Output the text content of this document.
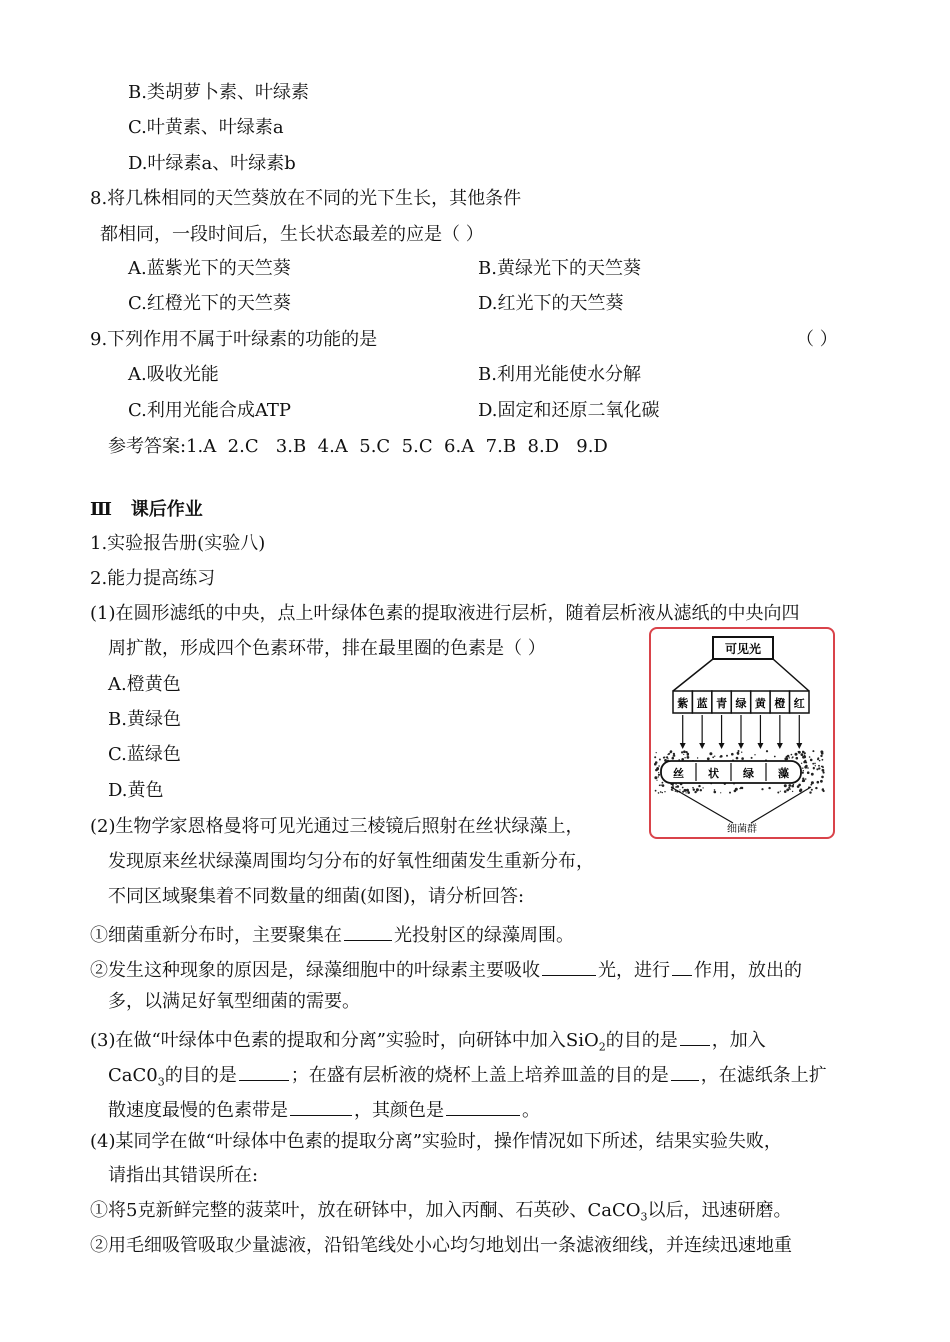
B.类胡萝卜素、叶绿素
C.叶黄素、叶绿素a
D.叶绿素a、叶绿素b
8.将几株相同的天竺葵放在不同的光下生长，其他条件
都相同，一段时间后，生长状态最差的应是（ ）
A.蓝紫光下的天竺葵	B.黄绿光下的天竺葵
C.红橙光下的天竺葵	D.红光下的天竺葵
9.下列作用不属于叶绿素的功能的是	（ ）
A.吸收光能	B.利用光能使水分解
C.利用光能合成ATP	D.固定和还原二氧化碳
参考答案:1.A  2.C   3.B  4.A  5.C  5.C  6.A  7.B  8.D   9.D
Ⅲ   课后作业
1.实验报告册(实验八)
2.能力提高练习
(1)在圆形滤纸的中央，点上叶绿体色素的提取液进行层析，随着层析液从滤纸的中央向四
周扩散，形成四个色素环带，排在最里圈的色素是（ ）
A.橙黄色
B.黄绿色
C.蓝绿色
D.黄色
可见光
紫 蓝 青 绿 黄 橙 红
丝 状 绿 藻
细菌群
(2)生物学家恩格曼将可见光通过三棱镜后照射在丝状绿藻上，
发现原来丝状绿藻周围均匀分布的好氧性细菌发生重新分布，
不同区域聚集着不同数量的细菌(如图)，请分析回答:
①细菌重新分布时，主要聚集在	光投射区的绿藻周围。
②发生这种现象的原因是，绿藻细胞中的叶绿素主要吸收	光，进行 作用，放出的
多，以满足好氧型细菌的需要。
(3)在做“叶绿体中色素的提取和分离”实验时，向研钵中加入SiO$_2$的目的是 ，加入
$CaC0_3$的目的是	；在盛有层析液的烧杯上盖上培养皿盖的目的是 ，在滤纸条上扩
散速度最慢的色素带是	，其颜色是	。
(4)某同学在做“叶绿体中色素的提取分离”实验时，操作情况如下所述，结果实验失败，
请指出其错误所在:
①将5克新鲜完整的菠菜叶，放在研钵中，加入丙酮、石英砂、CaCO$_3$以后，迅速研磨。
②用毛细吸管吸取少量滤液，沿铅笔线处小心均匀地划出一条滤液细线，并连续迅速地重
